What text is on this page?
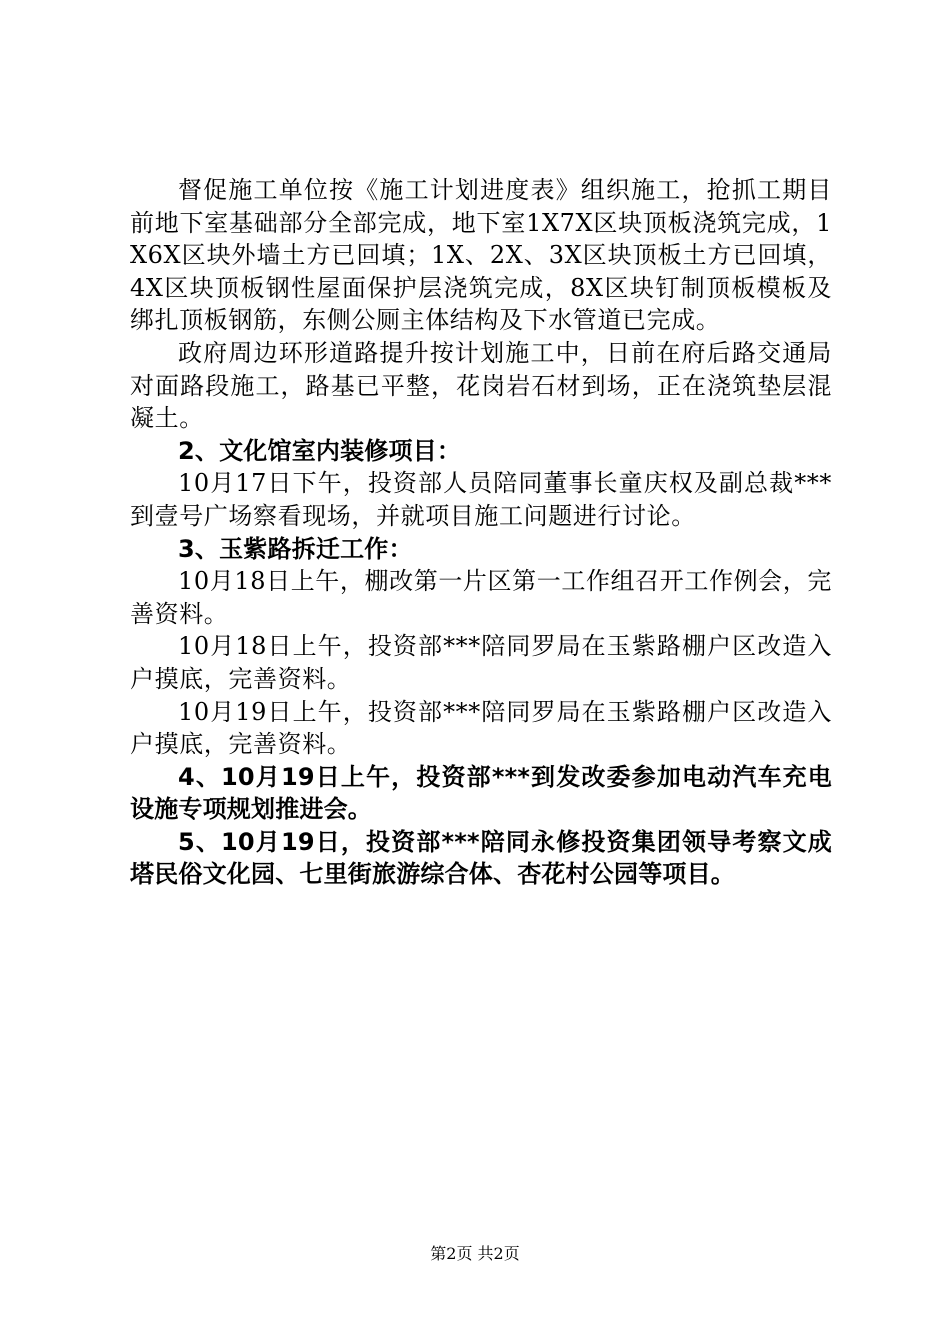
督促施工单位按《施工计划进度表》组织施工，抢抓工期目前地下室基础部分全部完成，地下室1X7X区块顶板浇筑完成，1X6X区块外墙土方已回填；1X、2X、3X区块顶板土方已回填，4X区块顶板钢性屋面保护层浇筑完成，8X区块钉制顶板模板及绑扎顶板钢筋，东侧公厕主体结构及下水管道已完成。

政府周边环形道路提升按计划施工中，日前在府后路交通局对面路段施工，路基已平整，花岗岩石材到场，正在浇筑垫层混凝土。

2、文化馆室内装修项目：

10月17日下午，投资部人员陪同董事长童庆权及副总裁***到壹号广场察看现场，并就项目施工问题进行讨论。

3、玉紫路拆迁工作：

10月18日上午，棚改第一片区第一工作组召开工作例会，完善资料。

10月18日上午，投资部***陪同罗局在玉紫路棚户区改造入户摸底，完善资料。

10月19日上午，投资部***陪同罗局在玉紫路棚户区改造入户摸底，完善资料。

4、10月19日上午，投资部***到发改委参加电动汽车充电设施专项规划推进会。

5、10月19日，投资部***陪同永修投资集团领导考察文成塔民俗文化园、七里街旅游综合体、杏花村公园等项目。

第2页 共2页
